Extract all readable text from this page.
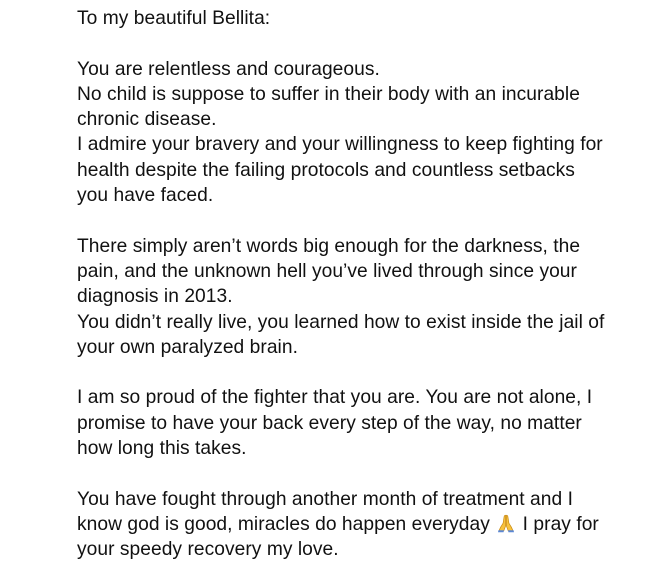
To my beautiful Bellita:
You are relentless and courageous.
No child is suppose to suffer in their body with an incurable
chronic disease.
I admire your bravery and your willingness to keep fighting for
health despite the failing protocols and countless setbacks
you have faced.
There simply aren’t words big enough for the darkness, the
pain, and the unknown hell you’ve lived through since your
diagnosis in 2013.
You didn’t really live, you learned how to exist inside the jail of
your own paralyzed brain.
I am so proud of the fighter that you are. You are not alone, I
promise to have your back every step of the way, no matter
how long this takes.
You have fought through another month of treatment and I
know god is good, miracles do happen everyday  I pray for
your speedy recovery my love.
